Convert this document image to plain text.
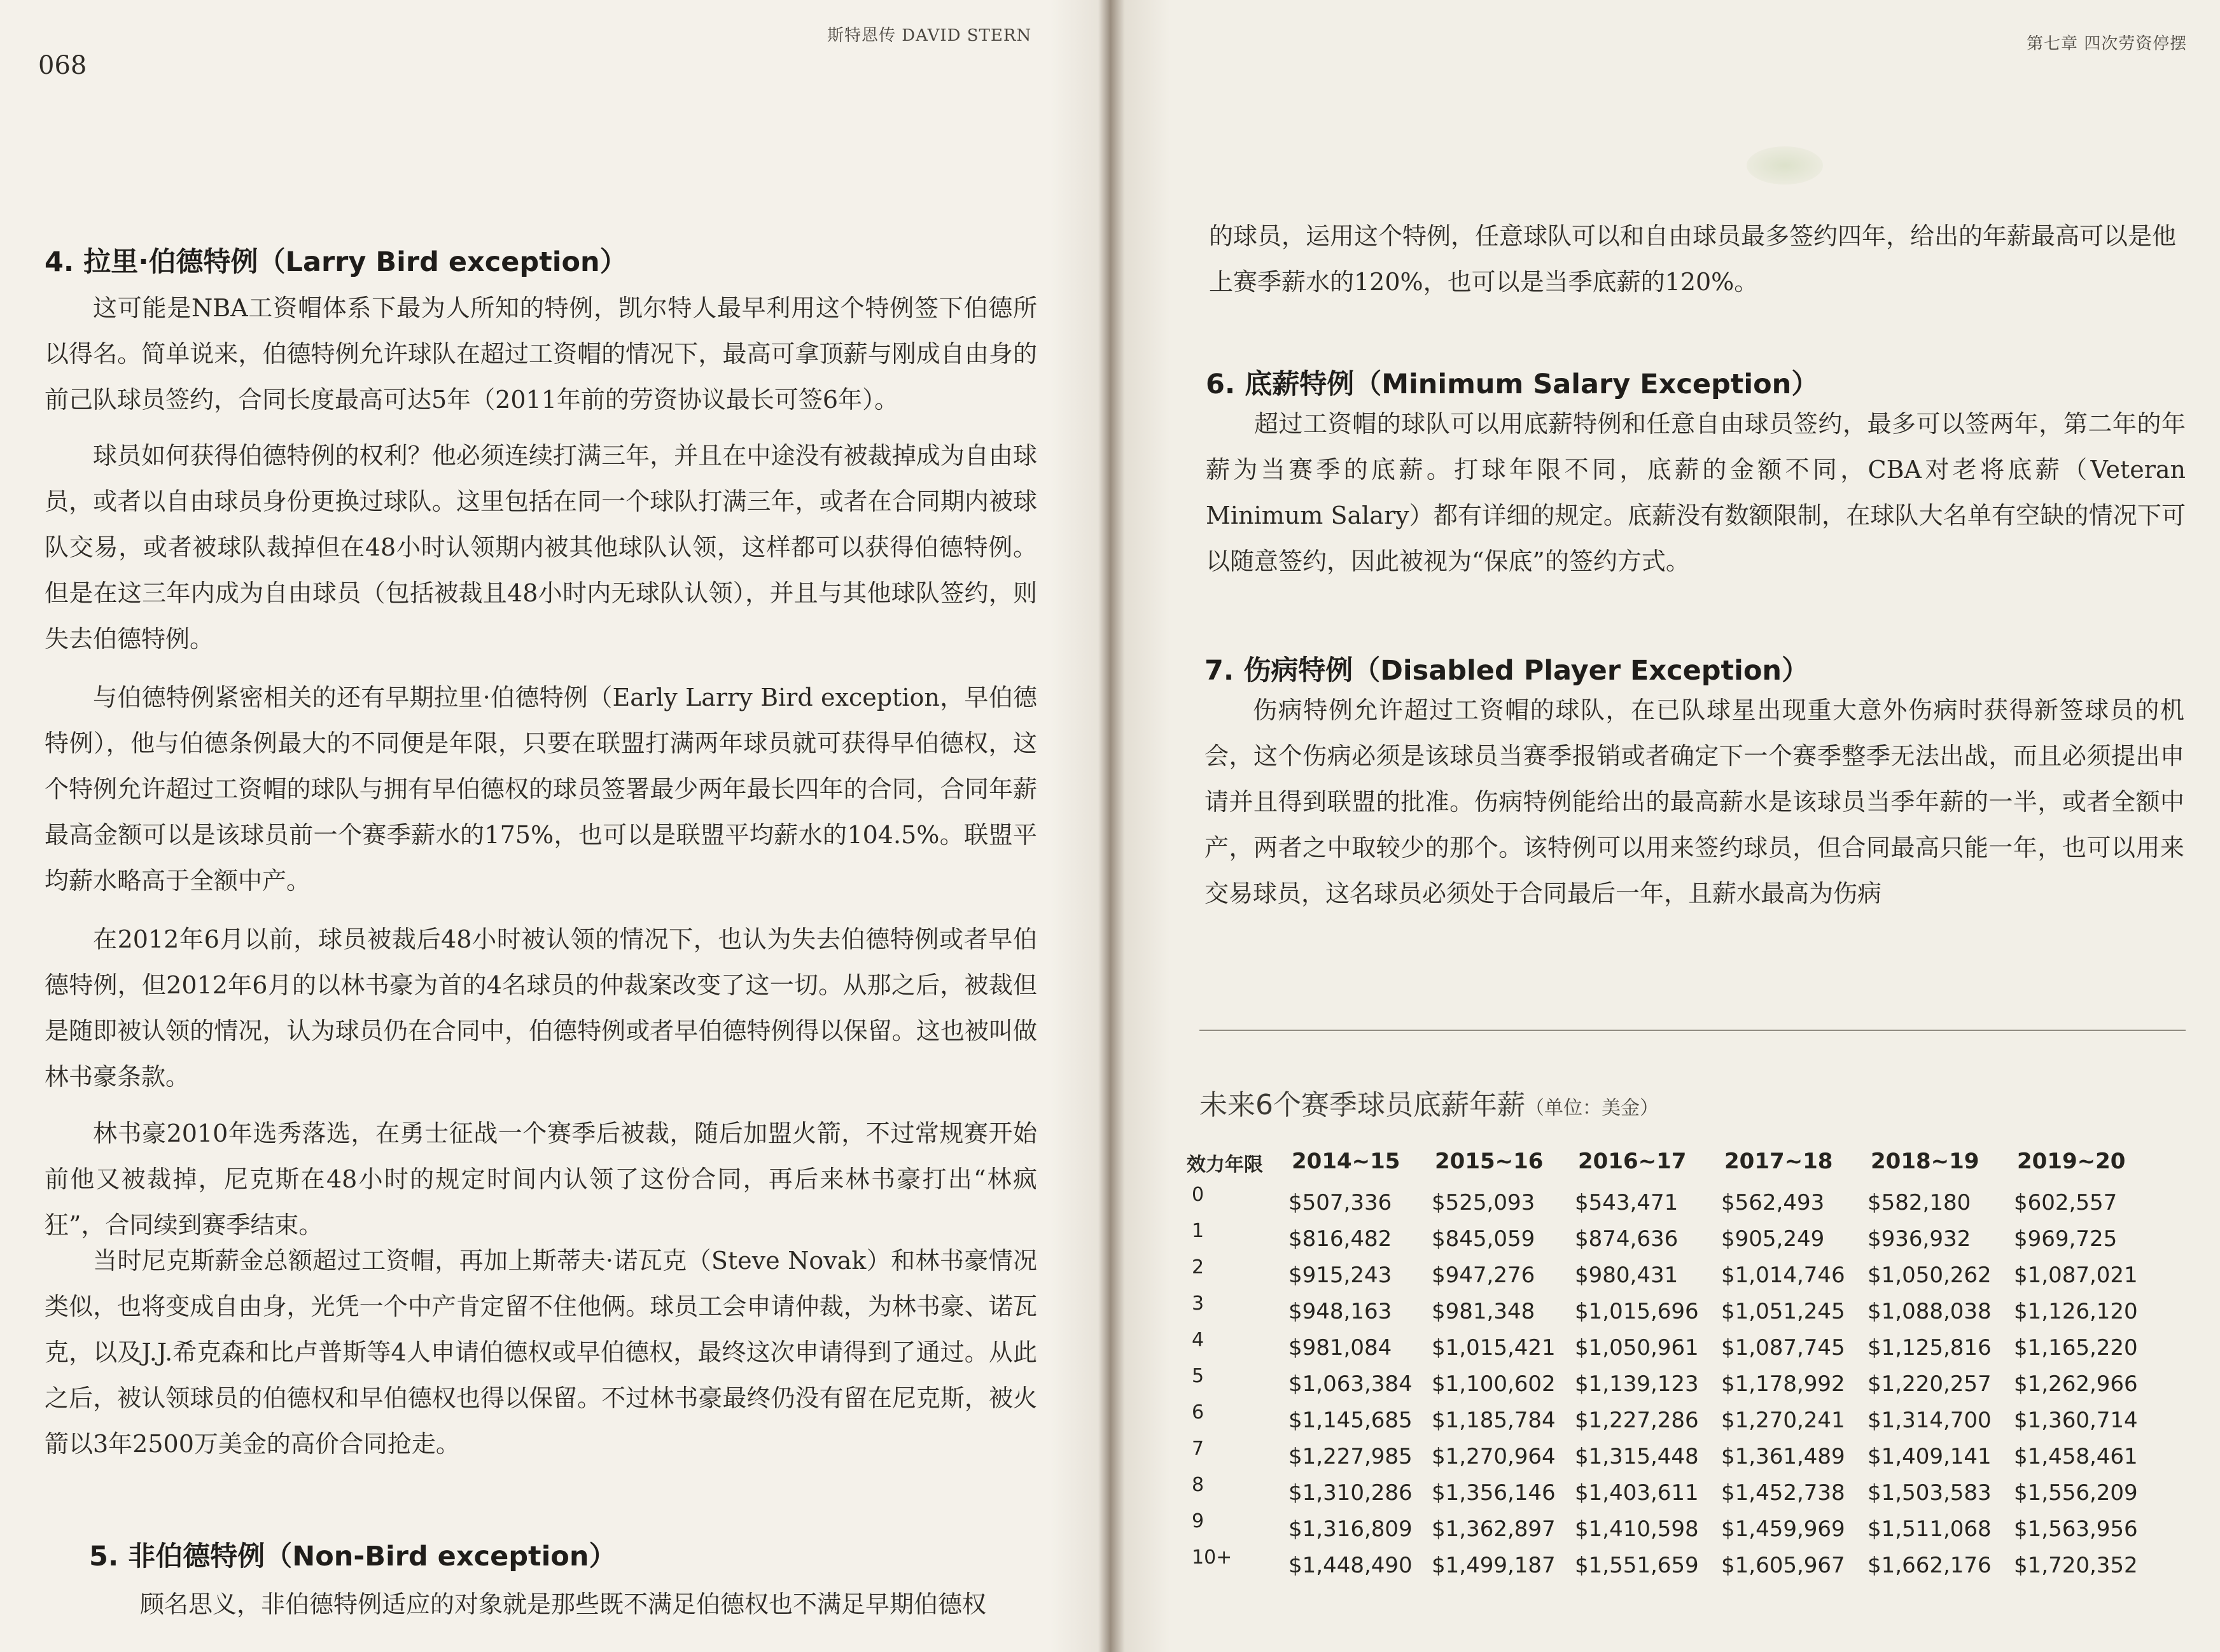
068
斯特恩传 DAVID STERN
4. 拉里·伯德特例（Larry Bird exception）

这可能是NBA工资帽体系下最为人所知的特例，凯尔特人最早利用这个特例签下伯德所以得名。简单说来，伯德特例允许球队在超过工资帽的情况下，最高可拿顶薪与刚成自由身的前己队球员签约，合同长度最高可达5年（2011年前的劳资协议最长可签6年）。

球员如何获得伯德特例的权利？他必须连续打满三年，并且在中途没有被裁掉成为自由球员，或者以自由球员身份更换过球队。这里包括在同一个球队打满三年，或者在合同期内被球队交易，或者被球队裁掉但在48小时认领期内被其他球队认领，这样都可以获得伯德特例。但是在这三年内成为自由球员（包括被裁且48小时内无球队认领），并且与其他球队签约，则失去伯德特例。

与伯德特例紧密相关的还有早期拉里·伯德特例（Early Larry Bird exception，早伯德特例），他与伯德条例最大的不同便是年限，只要在联盟打满两年球员就可获得早伯德权，这个特例允许超过工资帽的球队与拥有早伯德权的球员签署最少两年最长四年的合同，合同年薪最高金额可以是该球员前一个赛季薪水的175%，也可以是联盟平均薪水的104.5%。联盟平均薪水略高于全额中产。

在2012年6月以前，球员被裁后48小时被认领的情况下，也认为失去伯德特例或者早伯德特例，但2012年6月的以林书豪为首的4名球员的仲裁案改变了这一切。从那之后，被裁但是随即被认领的情况，认为球员仍在合同中，伯德特例或者早伯德特例得以保留。这也被叫做林书豪条款。

林书豪2010年选秀落选，在勇士征战一个赛季后被裁，随后加盟火箭，不过常规赛开始前他又被裁掉，尼克斯在48小时的规定时间内认领了这份合同，再后来林书豪打出“林疯狂”，合同续到赛季结束。

当时尼克斯薪金总额超过工资帽，再加上斯蒂夫·诺瓦克（Steve Novak）和林书豪情况类似，也将变成自由身，光凭一个中产肯定留不住他俩。球员工会申请仲裁，为林书豪、诺瓦克，以及J.J.希克森和比卢普斯等4人申请伯德权或早伯德权，最终这次申请得到了通过。从此之后，被认领球员的伯德权和早伯德权也得以保留。不过林书豪最终仍没有留在尼克斯，被火箭以3年2500万美金的高价合同抢走。

5. 非伯德特例（Non-Bird exception）

顾名思义，非伯德特例适应的对象就是那些既不满足伯德权也不满足早期伯德权

第七章 四次劳资停摆

的球员，运用这个特例，任意球队可以和自由球员最多签约四年，给出的年薪最高可以是他上赛季薪水的120%，也可以是当季底薪的120%。

6. 底薪特例（Minimum Salary Exception）

超过工资帽的球队可以用底薪特例和任意自由球员签约，最多可以签两年，第二年的年薪为当赛季的底薪。打球年限不同，底薪的金额不同，CBA对老将底薪（Veteran Minimum Salary）都有详细的规定。底薪没有数额限制，在球队大名单有空缺的情况下可以随意签约，因此被视为“保底”的签约方式。

7. 伤病特例（Disabled Player Exception）

伤病特例允许超过工资帽的球队，在已队球星出现重大意外伤病时获得新签球员的机会，这个伤病必须是该球员当赛季报销或者确定下一个赛季整季无法出战，而且必须提出申请并且得到联盟的批准。伤病特例能给出的最高薪水是该球员当季年薪的一半，或者全额中产，两者之中取较少的那个。该特例可以用来签约球员，但合同最高只能一年，也可以用来交易球员，这名球员必须处于合同最后一年，且薪水最高为伤病

未来6个赛季球员底薪年薪（单位：美金）
效力年限 2014~15 2015~16 2016~17 2017~18 2018~19 2019~20
0	$507,336 $525,093 $543,471 $562,493 $582,180 $602,557
1	$816,482 $845,059 $874,636 $905,249 $936,932 $969,725
2	$915,243 $947,276 $980,431 $1,014,746 $1,050,262 $1,087,021
3	$948,163 $981,348 $1,015,696 $1,051,245 $1,088,038 $1,126,120
4	$981,084 $1,015,421 $1,050,961 $1,087,745 $1,125,816 $1,165,220
5	$1,063,384 $1,100,602 $1,139,123 $1,178,992 $1,220,257 $1,262,966
6	$1,145,685 $1,185,784 $1,227,286 $1,270,241 $1,314,700 $1,360,714
7	$1,227,985 $1,270,964 $1,315,448 $1,361,489 $1,409,141 $1,458,461
8	$1,310,286 $1,356,146 $1,403,611 $1,452,738 $1,503,583 $1,556,209
9	$1,316,809 $1,362,897 $1,410,598 $1,459,969 $1,511,068 $1,563,956
10+	$1,448,490 $1,499,187 $1,551,659 $1,605,967 $1,662,176 $1,720,352
